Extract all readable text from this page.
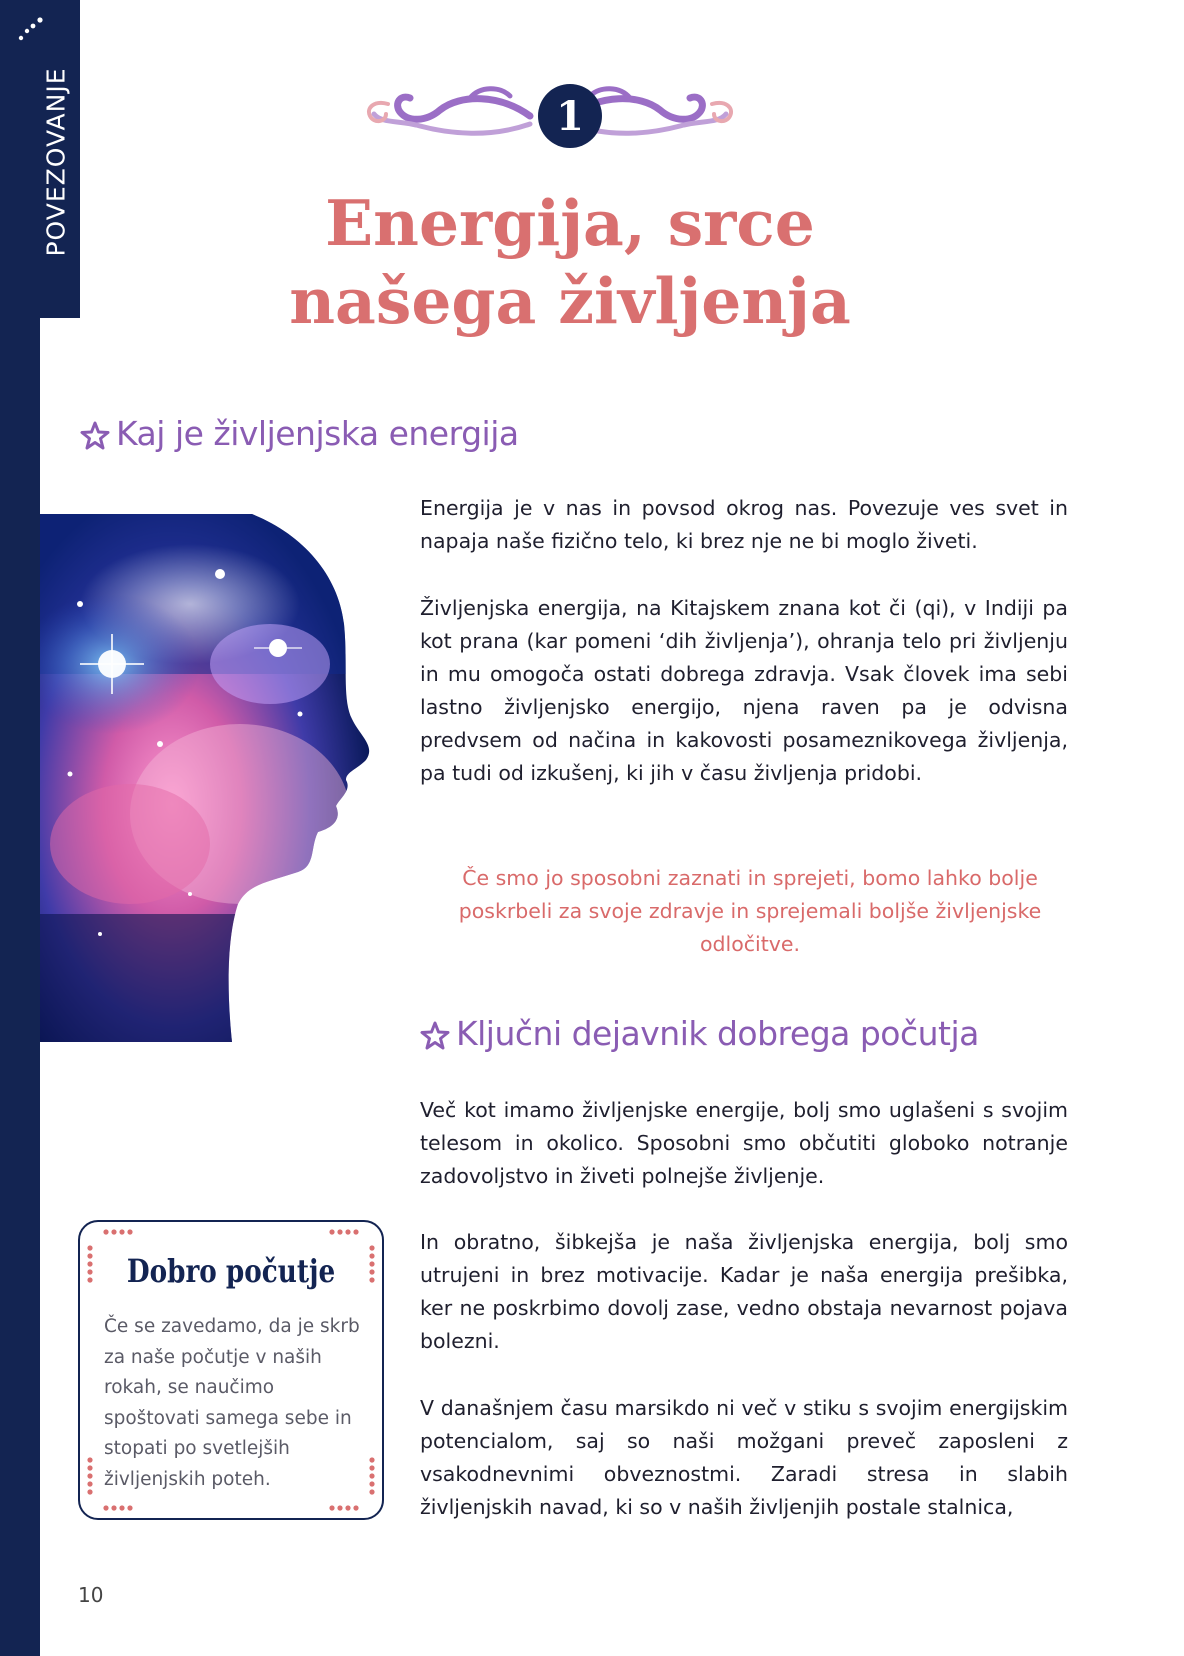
POVEZOVANJE	1
Energija, srce
našega življenja
Kaj je življenjska energija

Energija je v nas in povsod okrog nas. Povezuje ves svet in napaja naše fizično telo, ki brez nje ne bi moglo živeti.

Življenjska energija, na Kitajskem znana kot či (qi), v Indiji pa kot prana (kar pomeni ‘dih življenja’), ohranja telo pri življenju in mu omogoča ostati dobrega zdravja. Vsak človek ima sebi lastno življenjsko energijo, njena raven pa je odvisna predvsem od načina in kakovosti posameznikovega življenja, pa tudi od izkušenj, ki jih v času življenja pridobi.

Če smo jo sposobni zaznati in sprejeti, bomo lahko bolje poskrbeli za svoje zdravje in sprejemali boljše življenjske odločitve.

Ključni dejavnik dobrega počutja

Več kot imamo življenjske energije, bolj smo uglašeni s svojim telesom in okolico. Sposobni smo občutiti globoko notranje zadovoljstvo in živeti polnejše življenje.

In obratno, šibkejša je naša življenjska energija, bolj smo utrujeni in brez motivacije. Kadar je naša energija prešibka, ker ne poskrbimo dovolj zase, vedno obstaja nevarnost pojava bolezni.

V današnjem času marsikdo ni več v stiku s svojim energijskim potencialom, saj so naši možgani preveč zaposleni z vsakodnevnimi obveznostmi. Zaradi stresa in slabih življenjskih navad, ki so v naših življenjih postale stalnica,

Dobro počutje

Če se zavedamo, da je skrb za naše počutje v naših rokah, se naučimo spoštovati samega sebe in stopati po svetlejših življenjskih poteh.

10
